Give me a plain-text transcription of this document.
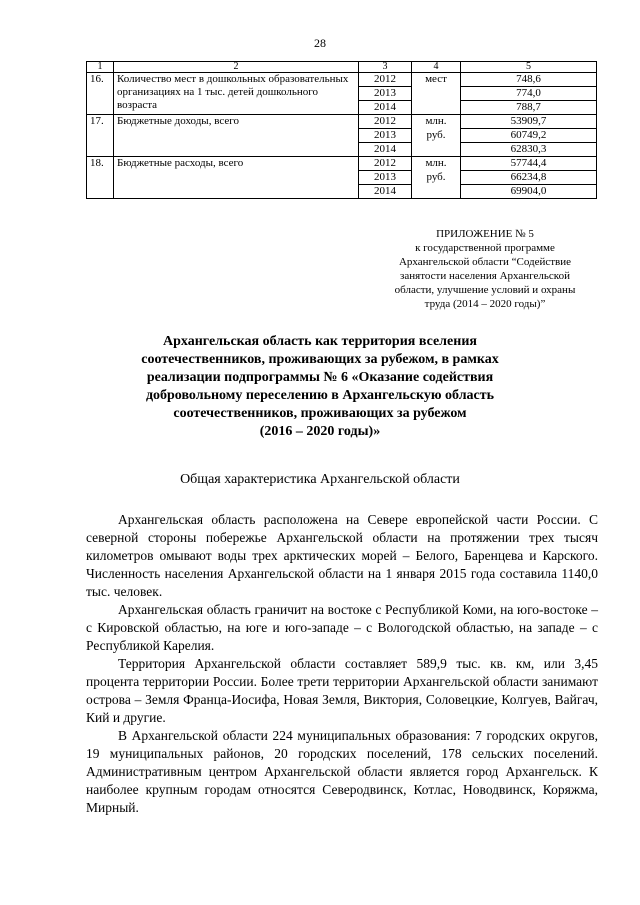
28
1	2	3	4	5
16.	Количество мест в дошкольных образовательных организациях на 1 тыс. детей дошкольного возраста	2012	мест	748,6
		2013		774,0
		2014		788,7
17.	Бюджетные доходы, всего	2012	млн.	53909,7
		2013	руб.	60749,2
		2014		62830,3
18.	Бюджетные расходы, всего	2012	млн.	57744,4
		2013	руб.	66234,8
		2014		69904,0
ПРИЛОЖЕНИЕ № 5
к государственной программе
Архангельской области “Содействие
занятости населения Архангельской
области, улучшение условий и охраны
труда (2014 – 2020 годы)”
Архангельская область как территория вселения
соотечественников, проживающих за рубежом, в рамках
реализации подпрограммы № 6 «Оказание содействия
добровольному переселению в Архангельскую область
соотечественников, проживающих за рубежом
(2016 – 2020 годы)»
Общая характеристика Архангельской области

Архангельская область расположена на Севере европейской части России. С северной стороны побережье Архангельской области на протяжении трех тысяч километров омывают воды трех арктических морей – Белого, Баренцева и Карского. Численность населения Архангельской области на 1 января 2015 года составила 1140,0 тыс. человек.

Архангельская область граничит на востоке с Республикой Коми, на юго-востоке – с Кировской областью, на юге и юго-западе – с Вологодской областью, на западе – с Республикой Карелия.

Территория Архангельской области составляет 589,9 тыс. кв. км, или 3,45 процента территории России. Более трети территории Архангельской области занимают острова – Земля Франца-Иосифа, Новая Земля, Виктория, Соловецкие, Колгуев, Вайгач, Кий и другие.

В Архангельской области 224 муниципальных образования: 7 городских округов, 19 муниципальных районов, 20 городских поселений, 178 сельских поселений. Административным центром Архангельской области является город Архангельск. К наиболее крупным городам относятся Северодвинск, Котлас, Новодвинск, Коряжма, Мирный.
